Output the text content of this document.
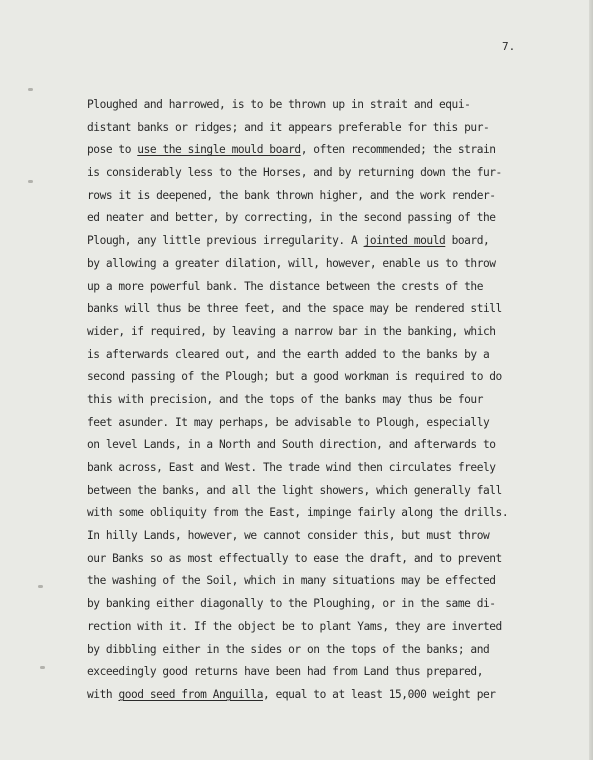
7.
Ploughed and harrowed, is to be thrown up in strait and equi-
distant banks or ridges; and it appears preferable for this pur-
pose to use the single mould board, often recommended; the strain
is considerably less to the Horses, and by returning down the fur-
rows it is deepened, the bank thrown higher, and the work render-
ed neater and better, by correcting, in the second passing of the
Plough, any little previous irregularity. A jointed mould board,
by allowing a greater dilation, will, however, enable us to throw
up a more powerful bank. The distance between the crests of the
banks will thus be three feet, and the space may be rendered still
wider, if required, by leaving a narrow bar in the banking, which
is afterwards cleared out, and the earth added to the banks by a
second passing of the Plough; but a good workman is required to do
this with precision, and the tops of the banks may thus be four
feet asunder. It may perhaps, be advisable to Plough, especially
on level Lands, in a North and South direction, and afterwards to
bank across, East and West. The trade wind then circulates freely
between the banks, and all the light showers, which generally fall
with some obliquity from the East, impinge fairly along the drills.
In hilly Lands, however, we cannot consider this, but must throw
our Banks so as most effectually to ease the draft, and to prevent
the washing of the Soil, which in many situations may be effected
by banking either diagonally to the Ploughing, or in the same di-
rection with it. If the object be to plant Yams, they are inverted
by dibbling either in the sides or on the tops of the banks; and
exceedingly good returns have been had from Land thus prepared,
with good seed from Anguilla, equal to at least 15,000 weight per
